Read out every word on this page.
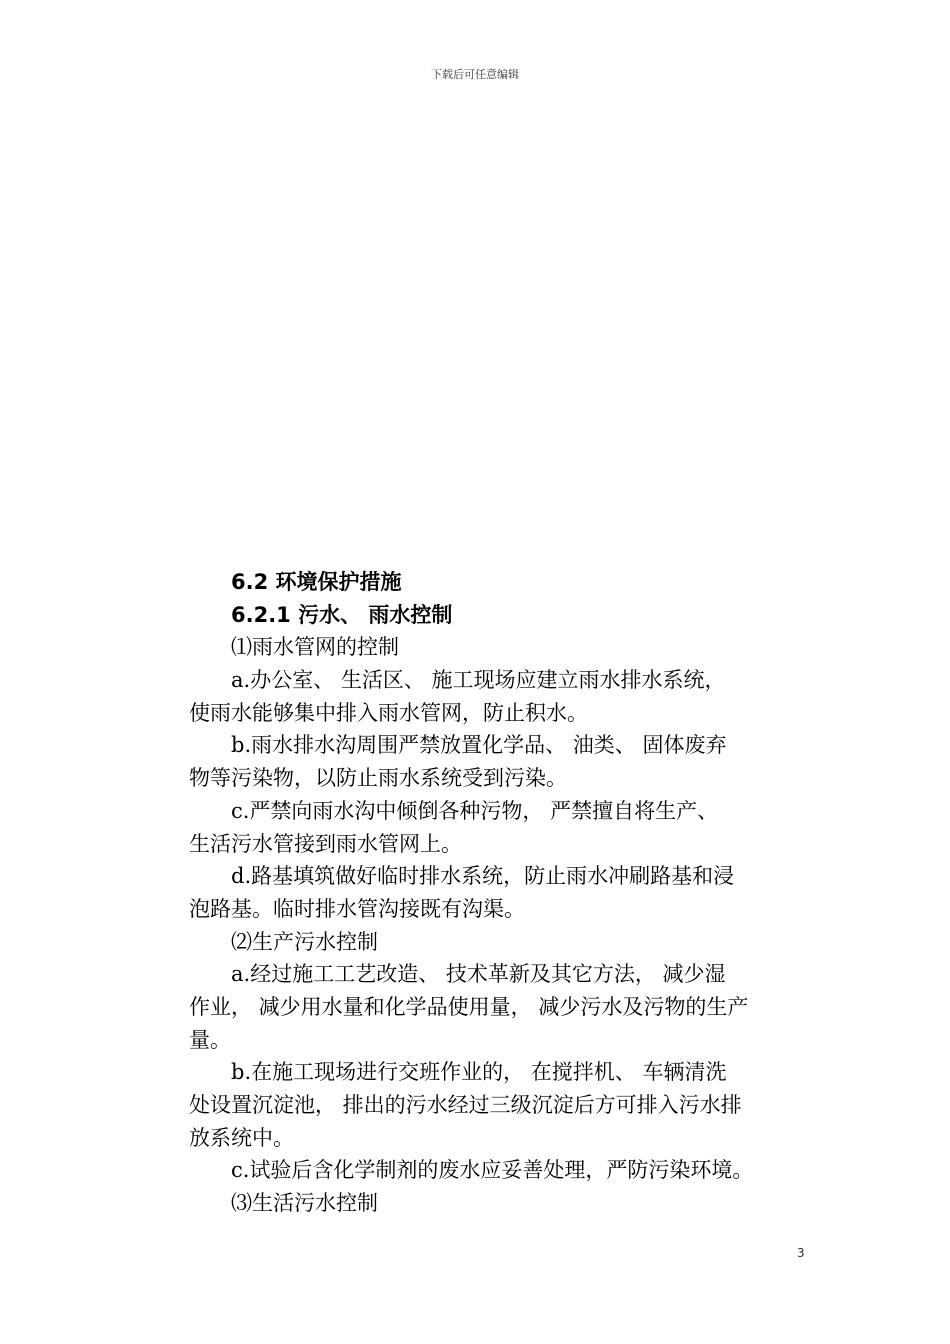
下载后可任意编辑
6.2 环境保护措施
6.2.1 污水、 雨水控制
⑴雨水管网的控制
a.办公室、 生活区、 施工现场应建立雨水排水系统，
使雨水能够集中排入雨水管网，防止积水。
b.雨水排水沟周围严禁放置化学品、 油类、 固体废弃
物等污染物，以防止雨水系统受到污染。
c.严禁向雨水沟中倾倒各种污物， 严禁擅自将生产、
生活污水管接到雨水管网上。
d.路基填筑做好临时排水系统，防止雨水冲刷路基和浸
泡路基。临时排水管沟接既有沟渠。
⑵生产污水控制
a.经过施工工艺改造、 技术革新及其它方法， 减少湿
作业， 减少用水量和化学品使用量， 减少污水及污物的生产
量。
b.在施工现场进行交班作业的， 在搅拌机、 车辆清洗
处设置沉淀池， 排出的污水经过三级沉淀后方可排入污水排
放系统中。
c.试验后含化学制剂的废水应妥善处理，严防污染环境。
⑶生活污水控制
3
